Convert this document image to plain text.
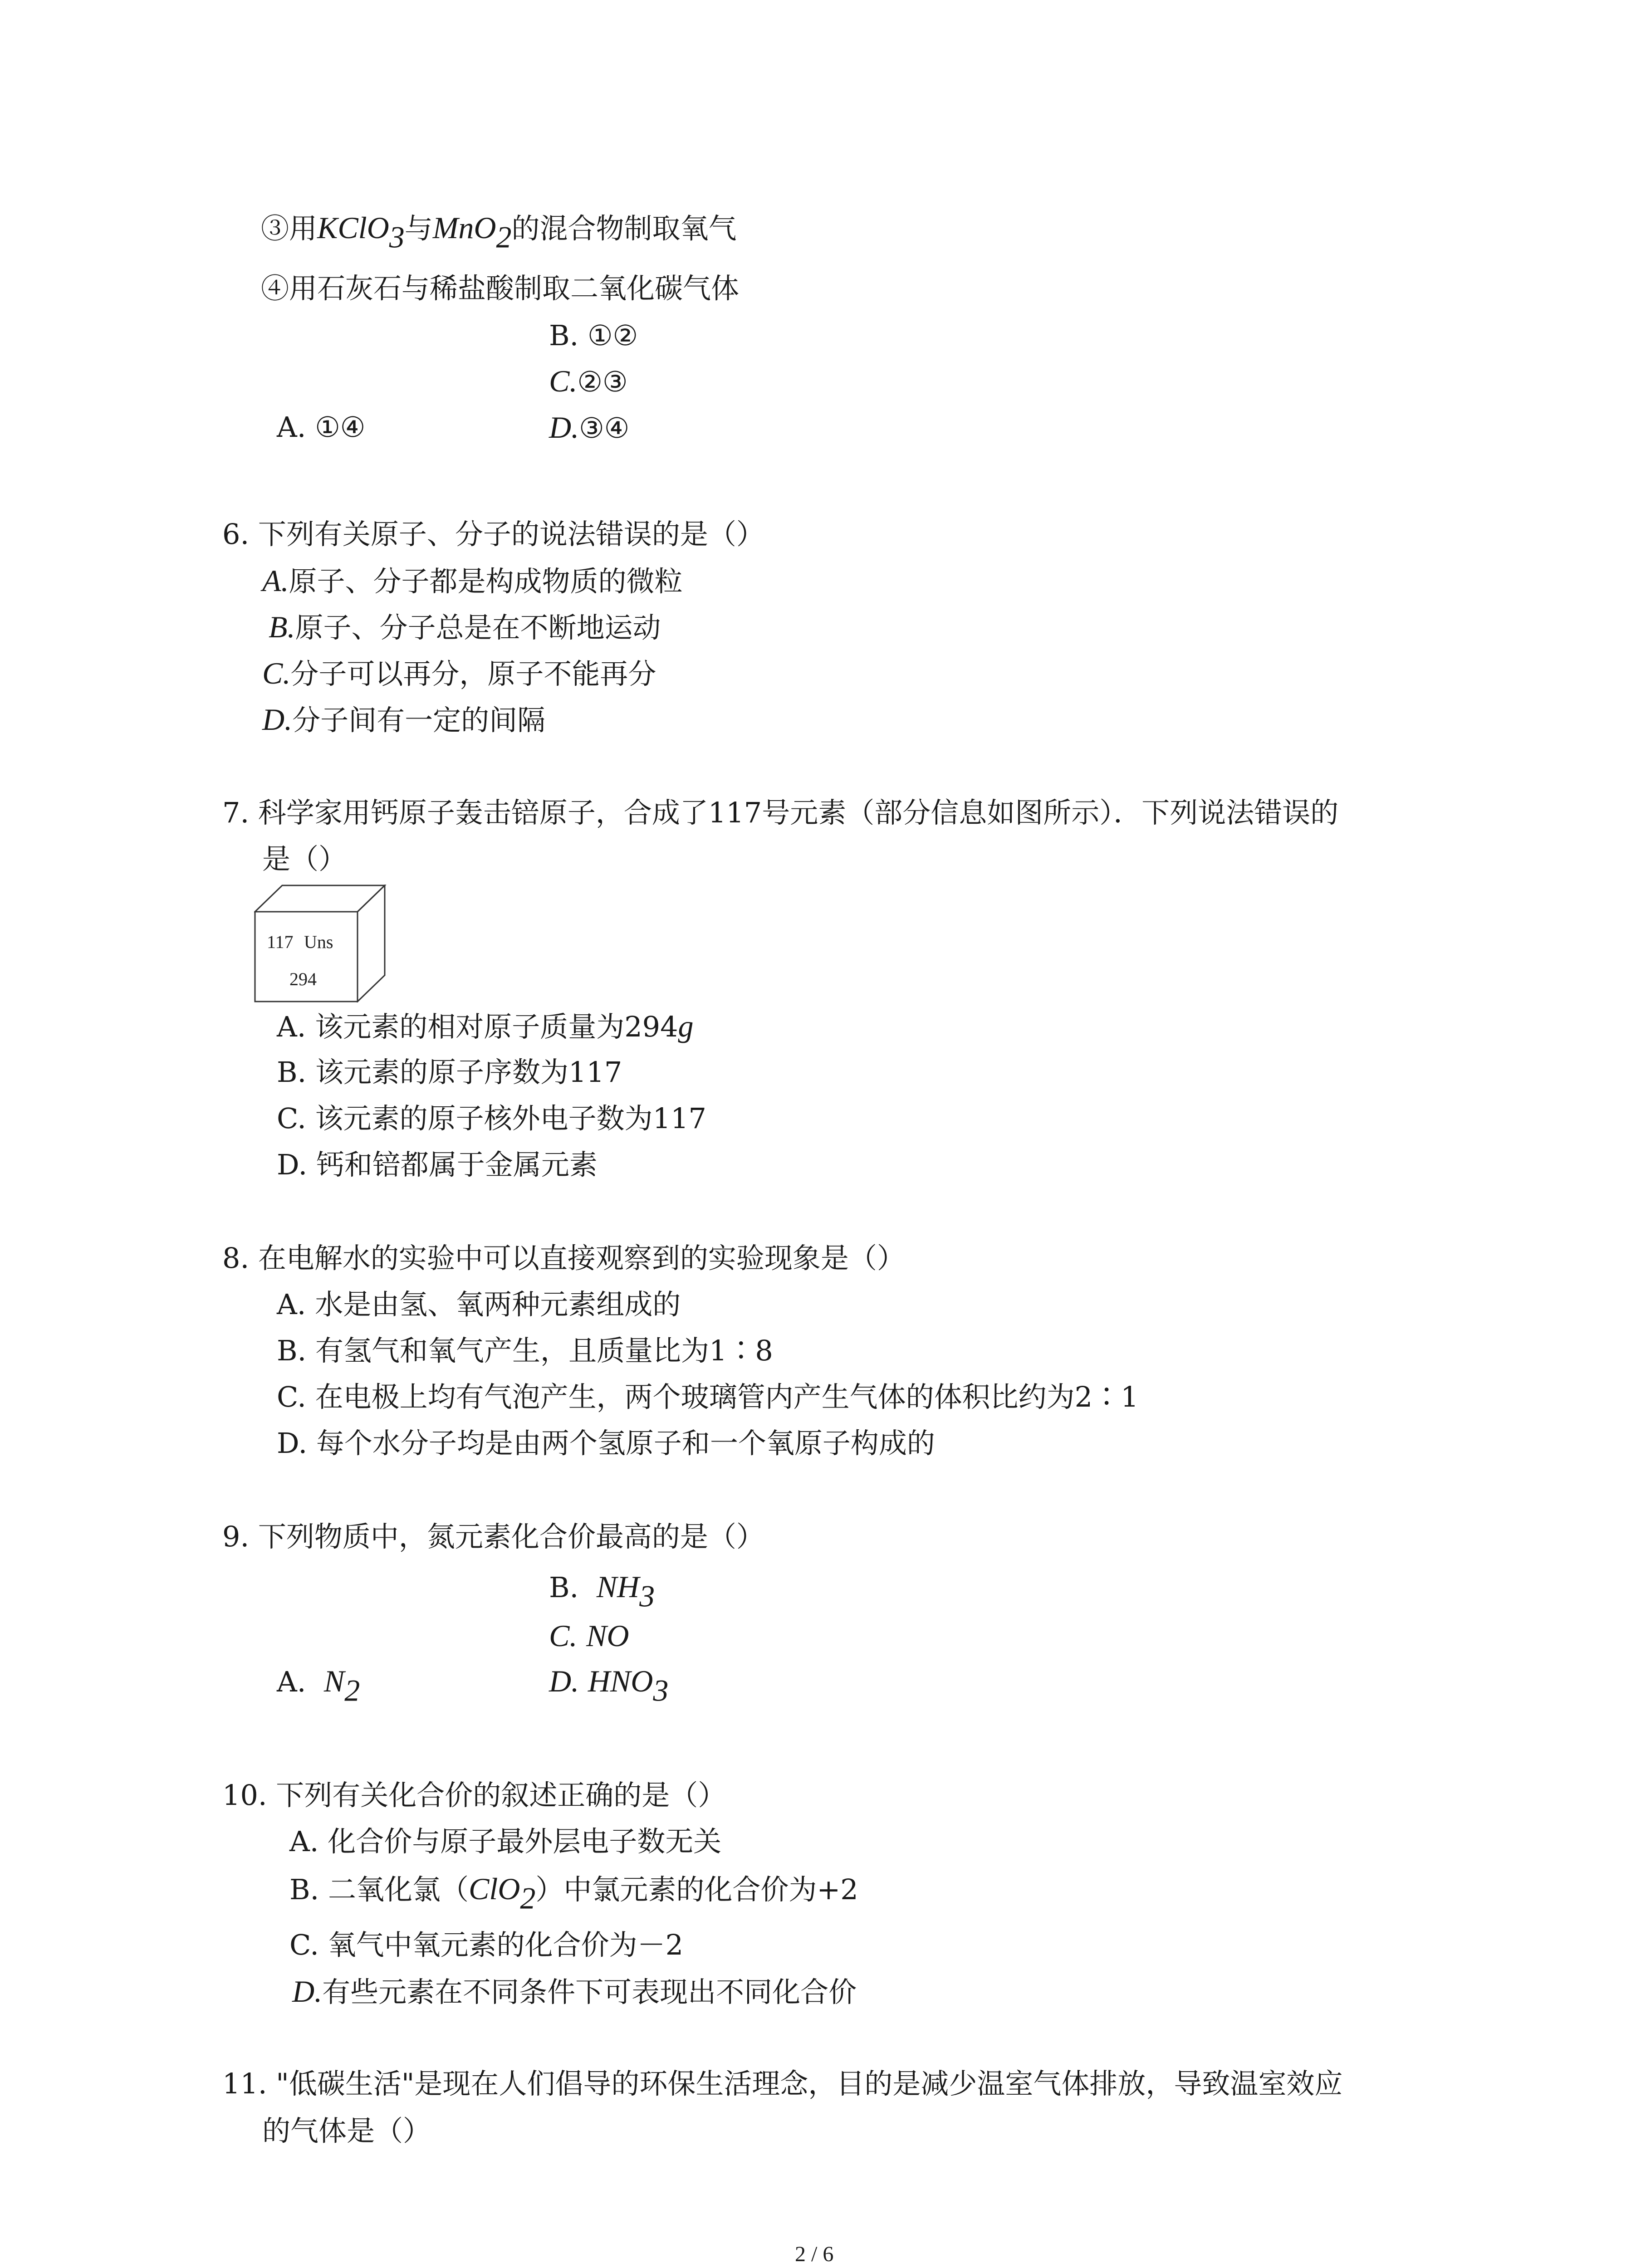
③用KClO$_3$与MnO$_2$的混合物制取氧气
④用石灰石与稀盐酸制取二氧化碳气体
B. ①②
C.②③
A. ①④	D.③④
6. 下列有关原子、分子的说法错误的是（）
A.原子、分子都是构成物质的微粒
B.原子、分子总是在不断地运动
C.分子可以再分，原子不能再分
D.分子间有一定的间隔
7. 科学家用钙原子轰击锫原子，合成了117号元素（部分信息如图所示）．下列说法错误的
是（）
117 Uns
294
A. 该元素的相对原子质量为294g
B. 该元素的原子序数为117
C. 该元素的原子核外电子数为117
D. 钙和锫都属于金属元素
8. 在电解水的实验中可以直接观察到的实验现象是（）
A. 水是由氢、氧两种元素组成的
B. 有氢气和氧气产生，且质量比为1∶8
C. 在电极上均有气泡产生，两个玻璃管内产生气体的体积比约为2∶1
D. 每个水分子均是由两个氢原子和一个氧原子构成的
9. 下列物质中，氮元素化合价最高的是（）
B. $NH_3$
C. NO
A. $N_2$	D. $HNO_3$
10. 下列有关化合价的叙述正确的是（）
A. 化合价与原子最外层电子数无关
B. 二氧化氯（ClO$_2$）中氯元素的化合价为+2
C. 氧气中氧元素的化合价为－2
D.有些元素在不同条件下可表现出不同化合价
11. "低碳生活"是现在人们倡导的环保生活理念，目的是减少温室气体排放，导致温室效应
的气体是（）
2 / 6
